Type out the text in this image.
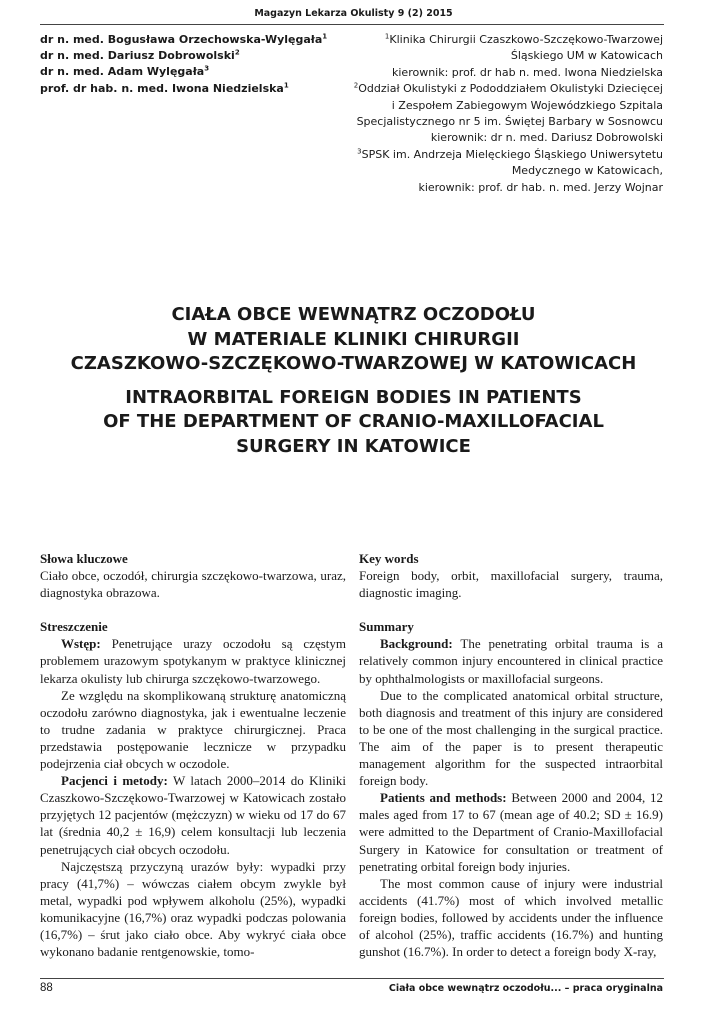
Magazyn Lekarza Okulisty 9 (2) 2015
dr n. med. Bogusława Orzechowska-Wylęgała$^1$
dr n. med. Dariusz Dobrowolski$^2$
dr n. med. Adam Wylęgała$^3$
prof. dr hab. n. med. Iwona Niedzielska$^1$
$^1$Klinika Chirurgii Czaszkowo-Szczękowo-Twarzowej
Śląskiego UM w Katowicach
kierownik: prof. dr hab n. med. Iwona Niedzielska
$^2$Oddział Okulistyki z Pododdziałem Okulistyki Dziecięcej
i Zespołem Zabiegowym Wojewódzkiego Szpitala
Specjalistycznego nr 5 im. Świętej Barbary w Sosnowcu
kierownik: dr n. med. Dariusz Dobrowolski
$^3$SPSK im. Andrzeja Mielęckiego Śląskiego Uniwersytetu
Medycznego w Katowicach,
kierownik: prof. dr hab. n. med. Jerzy Wojnar
CIAŁA OBCE WEWNĄTRZ OCZODOŁU
W MATERIALE KLINIKI CHIRURGII
CZASZKOWO-SZCZĘKOWO-TWARZOWEJ W KATOWICACH
INTRAORBITAL FOREIGN BODIES IN PATIENTS
OF THE DEPARTMENT OF CRANIO-MAXILLOFACIAL
SURGERY IN KATOWICE
Słowa kluczowe

Ciało obce, oczodół, chirurgia szczękowo-twarzowa, uraz, diagnostyka obrazowa.

Streszczenie

Wstęp: Penetrujące urazy oczodołu są częstym problemem urazowym spotykanym w praktyce klinicznej lekarza okulisty lub chirurga szczękowo-twarzowego.

Ze względu na skomplikowaną strukturę anatomiczną oczodołu zarówno diagnostyka, jak i ewentualne leczenie to trudne zadania w praktyce chirurgicznej. Praca przedstawia postępowanie lecznicze w przypadku podejrzenia ciał obcych w oczodole.

Pacjenci i metody: W latach 2000–2014 do Kliniki Czaszkowo-Szczękowo-Twarzowej w Katowicach zostało przyjętych 12 pacjentów (mężczyzn) w wieku od 17 do 67 lat (średnia 40,2 ± 16,9) celem konsultacji lub leczenia penetrujących ciał obcych oczodołu.

Najczęstszą przyczyną urazów były: wypadki przy pracy (41,7%) – wówczas ciałem obcym zwykle był metal, wypadki pod wpływem alkoholu (25%), wypadki komunikacyjne (16,7%) oraz wypadki podczas polowania (16,7%) – śrut jako ciało obce. Aby wykryć ciała obce wykonano badanie rentgenowskie, tomo-

Key words

Foreign body, orbit, maxillofacial surgery, trauma, diagnostic imaging.

Summary

Background: The penetrating orbital trauma is a relatively common injury encountered in clinical practice by ophthalmologists or maxillofacial surgeons.

Due to the complicated anatomical orbital structure, both diagnosis and treatment of this injury are considered to be one of the most challenging in the surgical practice. The aim of the paper is to present therapeutic management algorithm for the suspected intraorbital foreign body.

Patients and methods: Between 2000 and 2004, 12 males aged from 17 to 67 (mean age of 40.2; SD ± 16.9) were admitted to the Department of Cranio-Maxillofacial Surgery in Katowice for consultation or treatment of penetrating orbital foreign body injuries.

The most common cause of injury were industrial accidents (41.7%) most of which involved metallic foreign bodies, followed by accidents under the influence of alcohol (25%), traffic accidents (16.7%) and hunting gunshot (16.7%). In order to detect a foreign body X-ray,

88	Ciała obce wewnątrz oczodołu... – praca oryginalna
